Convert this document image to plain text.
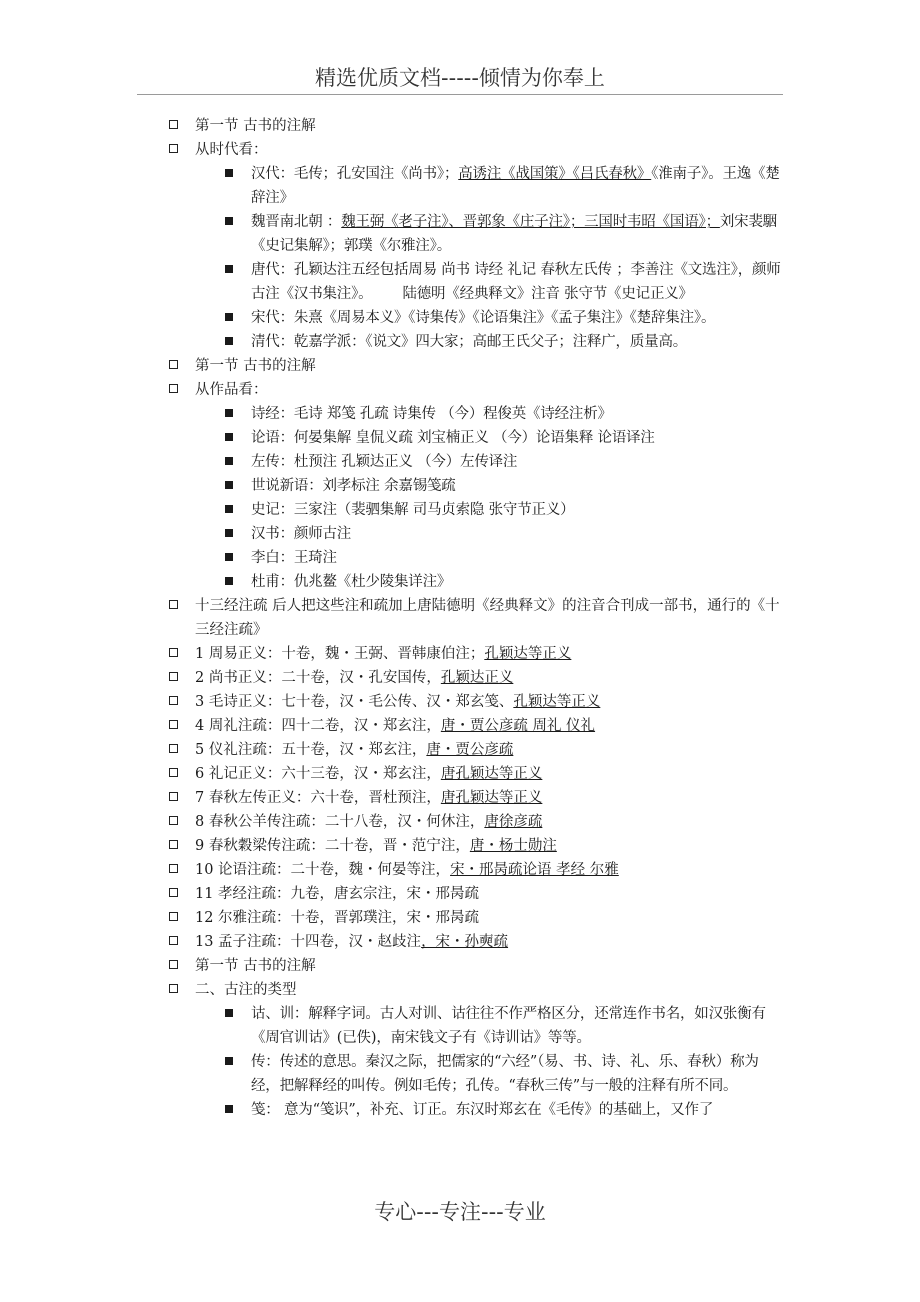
精选优质文档-----倾情为你奉上
第一节 古书的注解
从时代看：
汉代：毛传；孔安国注《尚书》；高诱注《战国策》《吕氏春秋》《淮南子》。王逸《楚辞注》
魏晋南北朝 ：魏王弼《老子注》、晋郭象《庄子注》；三国时韦昭《国语》；刘宋裴駰《史记集解》；郭璞《尔雅注》。
唐代：孔颖达注五经包括周易 尚书 诗经 礼记 春秋左氏传 ；李善注《文选注》，颜师古注《汉书集注》。 陆德明《经典释文》注音 张守节《史记正义》
宋代：朱熹《周易本义》《诗集传》《论语集注》《孟子集注》《楚辞集注》。
清代：乾嘉学派：《说文》四大家；高邮王氏父子；注释广，质量高。
第一节 古书的注解
从作品看：
诗经：毛诗 郑笺 孔疏 诗集传 （今）程俊英《诗经注析》
论语：何晏集解 皇侃义疏 刘宝楠正义 （今）论语集释 论语译注
左传：杜预注 孔颖达正义 （今）左传译注
世说新语：刘孝标注 余嘉锡笺疏
史记：三家注（裴驷集解 司马贞索隐 张守节正义）
汉书：颜师古注
李白：王琦注
杜甫：仇兆鳌《杜少陵集详注》
十三经注疏 后人把这些注和疏加上唐陆德明《经典释文》的注音合刊成一部书，通行的《十三经注疏》
1 周易正义：十卷，魏・王弼、晋韩康伯注；孔颖达等正义
2 尚书正义：二十卷，汉・孔安国传，孔颖达正义
3 毛诗正义：七十卷，汉・毛公传、汉・郑玄笺、孔颖达等正义
4 周礼注疏：四十二卷，汉・郑玄注，唐・贾公彦疏 周礼 仪礼
5 仪礼注疏：五十卷，汉・郑玄注，唐・贾公彦疏
6 礼记正义：六十三卷，汉・郑玄注，唐孔颖达等正义
7 春秋左传正义：六十卷，晋杜预注，唐孔颖达等正义
8 春秋公羊传注疏：二十八卷，汉・何休注，唐徐彦疏
9 春秋穀梁传注疏：二十卷，晋・范宁注，唐・杨士勋注
10 论语注疏：二十卷，魏・何晏等注，宋・邢昺疏论语 孝经 尔雅
11 孝经注疏：九卷，唐玄宗注，宋・邢昺疏
12 尔雅注疏：十卷，晋郭璞注，宋・邢昺疏
13 孟子注疏：十四卷，汉・赵歧注，宋・孙奭疏
第一节 古书的注解
二、古注的类型
诂、训：解释字词。古人对训、诂往往不作严格区分，还常连作书名，如汉张衡有《周官训诂》(已佚)，南宋钱文子有《诗训诂》等等。
传：传述的意思。秦汉之际，把儒家的“六经”（易、书、诗、礼、乐、春秋）称为经，把解释经的叫传。例如毛传；孔传。“春秋三传”与一般的注释有所不同。
笺： 意为“笺识”，补充、订正。东汉时郑玄在《毛传》的基础上，又作了
专心---专注---专业
